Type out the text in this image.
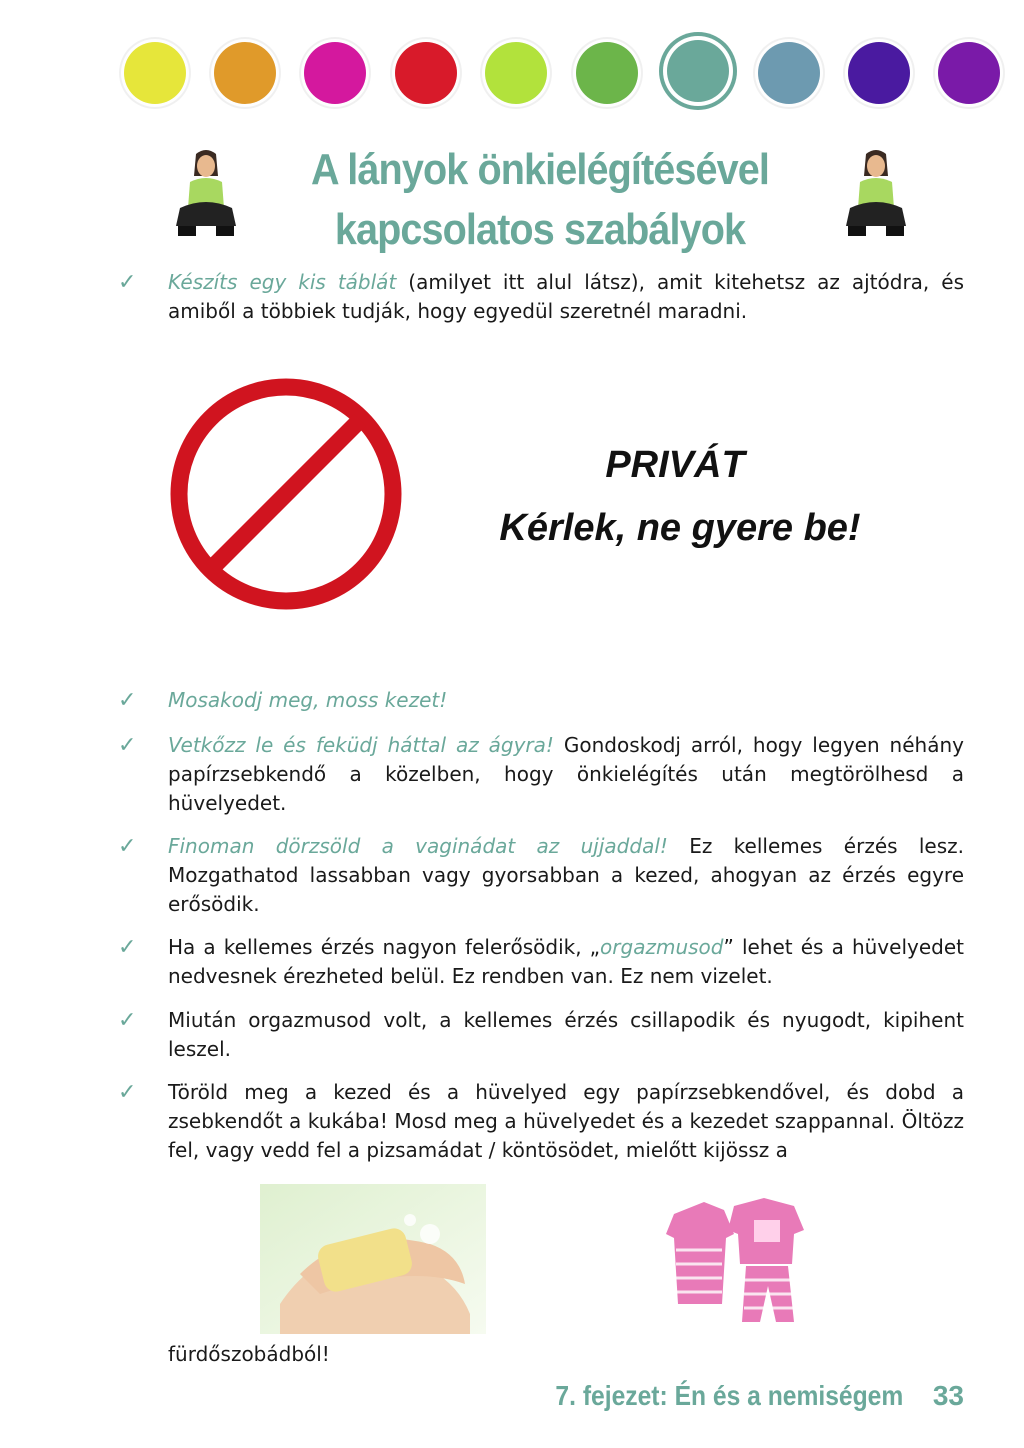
A lányok önkielégítésével
kapcsolatos szabályok
✓	Készíts egy kis táblát (amilyet itt alul látsz), amit kitehetsz az ajtódra, és amiből a többiek tudják, hogy egyedül szeretnél maradni.
PRIVÁT
Kérlek, ne gyere be!
✓	Mosakodj meg, moss kezet!
✓	Vetkőzz le és feküdj háttal az ágyra! Gondoskodj arról, hogy legyen néhány papírzsebkendő a közelben, hogy önkielégítés után megtörölhesd a hüvelyedet.
✓	Finoman dörzsöld a vaginádat az ujjaddal! Ez kellemes érzés lesz. Mozgathatod lassabban vagy gyorsabban a kezed, ahogyan az érzés egyre erősödik.
✓	Ha a kellemes érzés nagyon felerősödik, „orgazmusod” lehet és a hüvelyedet nedvesnek érezheted belül. Ez rendben van. Ez nem vizelet.
✓	Miután orgazmusod volt, a kellemes érzés csillapodik és nyugodt, kipihent leszel.
✓	Töröld meg a kezed és a hüvelyed egy papírzsebkendővel, és dobd a zsebkendőt a kukába! Mosd meg a hüvelyedet és a kezedet szappannal. Öltözz fel, vagy vedd fel a pizsamádat / köntösödet, mielőtt kijössz a
fürdőszobádból!
7. fejezet: Én és a nemiségem 33
